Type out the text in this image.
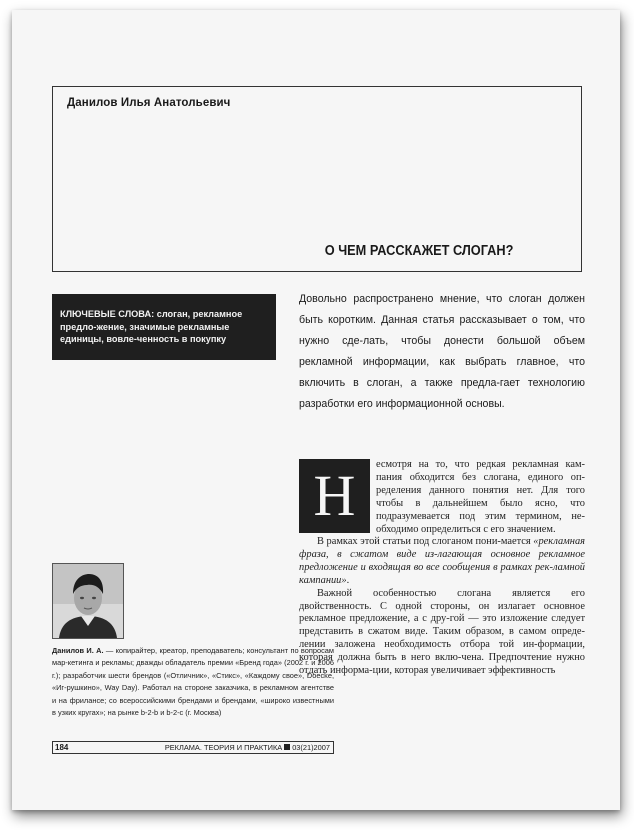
Данилов Илья Анатольевич
О ЧЕМ РАССКАЖЕТ СЛОГАН?
КЛЮЧЕВЫЕ СЛОВА: слоган, рекламное предло-жение, значимые рекламные единицы, вовле-ченность в покупку
Довольно распространено мнение, что слоган должен быть коротким. Данная статья рассказывает о том, что нужно сде-лать, чтобы донести большой объем рекламной информации, как выбрать главное, что включить в слоган, а также предла-гает технологию разработки его информационной основы.
Н	есмотря на то, что редкая рекламная кам-пания обходится без слогана, единого оп-ределения данного понятия нет. Для того чтобы в дальнейшем было ясно, что подразумевается под этим термином, не-обходимо определиться с его значением.

В рамках этой статьи под слоганом пони-мается «рекламная фраза, в сжатом виде из-лагающая основное рекламное предложение и входящая во все сообщения в рамках рек-ламной кампании».

Важной особенностью слогана является его двойственность. С одной стороны, он излагает основное рекламное предложение, а с дру-гой — это изложение следует представить в сжатом виде. Таким образом, в самом опреде-лении заложена необходимость отбора той ин-формации, которая должна быть в него вклю-чена. Предпочтение нужно отдать информа-ции, которая увеличивает эффективность

Данилов И. А. — копирайтер, креатор, преподаватель; консультант по вопросам мар-кетинга и рекламы; дважды обладатель премии «Бренд года» (2002 г. и 2006 г.); разработчик шести брендов («Отличник», «Стикс», «Каждому свое», Doecke, «Иг-рушкино», Way Day). Работал на стороне заказчика, в рекламном агентстве и на фрилансе; со всероссийскими брендами и брендами, «широко известными в узких кругах»; на рынке b-2-b и b-2-c (г. Москва)
184	РЕКЛАМА. ТЕОРИЯ И ПРАКТИКА 03(21)2007
